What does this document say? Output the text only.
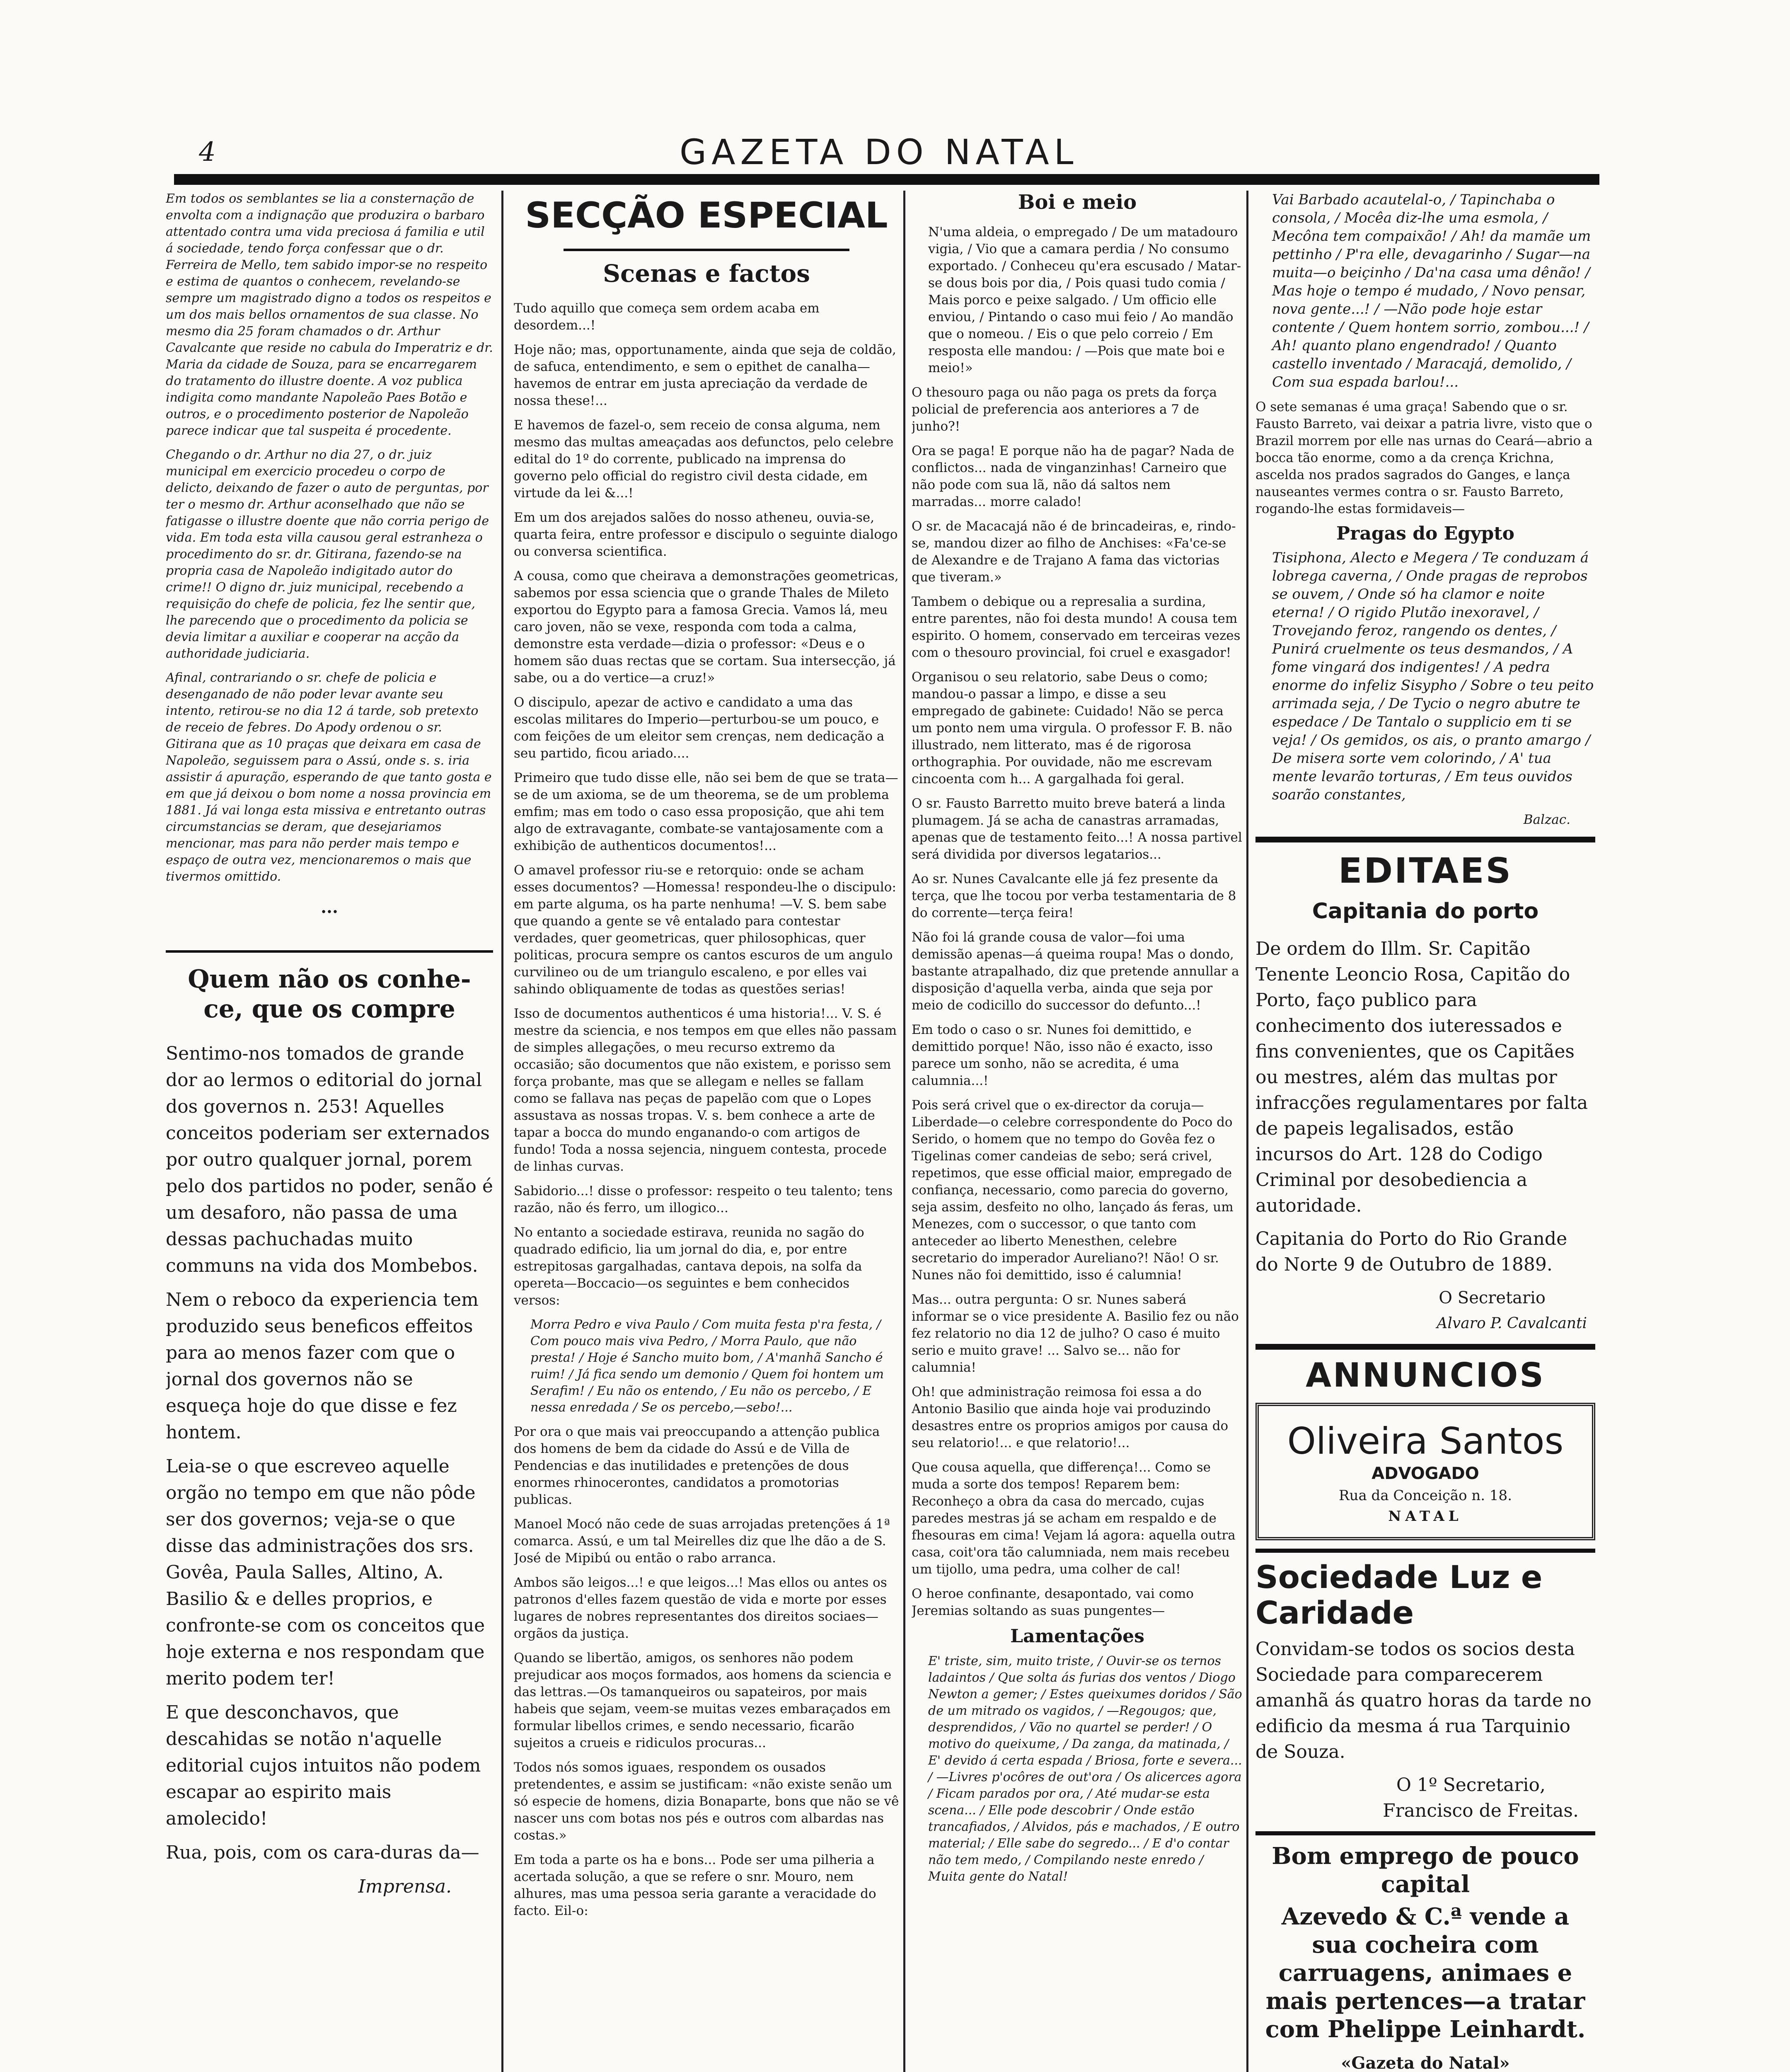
4	GAZETA DO NATAL

Em todos os semblantes se lia a consternação de envolta com a indignação que produzira o barbaro attentado contra uma vida preciosa á familia e util á sociedade, tendo força confessar que o dr. Ferreira de Mello, tem sabido impor-se no respeito e estima de quantos o conhecem, revelando-se sempre um magistrado digno a todos os respeitos e um dos mais bellos ornamentos de sua classe. No mesmo dia 25 foram chamados o dr. Arthur Cavalcante que reside no cabula do Imperatriz e dr. Maria da cidade de Souza, para se encarregarem do tratamento do illustre doente. A voz publica indigita como mandante Napoleão Paes Botão e outros, e o procedimento posterior de Napoleão parece indicar que tal suspeita é procedente.

Chegando o dr. Arthur no dia 27, o dr. juiz municipal em exercicio procedeu o corpo de delicto, deixando de fazer o auto de perguntas, por ter o mesmo dr. Arthur aconselhado que não se fatigasse o illustre doente que não corria perigo de vida. Em toda esta villa causou geral estranheza o procedimento do sr. dr. Gitirana, fazendo-se na propria casa de Napoleão indigitado autor do crime!! O digno dr. juiz municipal, recebendo a requisição do chefe de policia, fez lhe sentir que, lhe parecendo que o procedimento da policia se devia limitar a auxiliar e cooperar na acção da authoridade judiciaria.

Afinal, contrariando o sr. chefe de policia e desenganado de não poder levar avante seu intento, retirou-se no dia 12 á tarde, sob pretexto de receio de febres. Do Apody ordenou o sr. Gitirana que as 10 praças que deixara em casa de Napoleão, seguissem para o Assú, onde s. s. iria assistir á apuração, esperando de que tanto gosta e em que já deixou o bom nome a nossa provincia em 1881. Já vai longa esta missiva e entretanto outras circumstancias se deram, que desejariamos mencionar, mas para não perder mais tempo e espaço de outra vez, mencionaremos o mais que tivermos omittido.

...
Quem não os conhe- ce, que os compre

Sentimo-nos tomados de grande dor ao lermos o editorial do jornal dos governos n. 253! Aquelles conceitos poderiam ser externados por outro qualquer jornal, porem pelo dos partidos no poder, senão é um desaforo, não passa de uma dessas pachuchadas muito communs na vida dos Mombebos.

Nem o reboco da experiencia tem produzido seus beneficos effeitos para ao menos fazer com que o jornal dos governos não se esqueça hoje do que disse e fez hontem.

Leia-se o que escreveo aquelle orgão no tempo em que não pôde ser dos governos; veja-se o que disse das administrações dos srs. Govêa, Paula Salles, Altino, A. Basilio & e delles proprios, e confronte-se com os conceitos que hoje externa e nos respondam que merito podem ter!

E que desconchavos, que descahidas se notão n'aquelle editorial cujos intuitos não podem escapar ao espirito mais amolecido!

Rua, pois, com os cara-duras da—

Imprensa.

SECÇÃO ESPECIAL
Scenas e factos

Tudo aquillo que começa sem ordem acaba em desordem...!

Hoje não; mas, opportunamente, ainda que seja de coldão, de safuca, entendimento, e sem o epithet de canalha—havemos de entrar em justa apreciação da verdade de nossa these!...

E havemos de fazel-o, sem receio de consa alguma, nem mesmo das multas ameaçadas aos defunctos, pelo celebre edital do 1º do corrente, publicado na imprensa do governo pelo official do registro civil desta cidade, em virtude da lei &...!

Em um dos arejados salões do nosso atheneu, ouvia-se, quarta feira, entre professor e discipulo o seguinte dialogo ou conversa scientifica.

A cousa, como que cheirava a demonstrações geometricas, sabemos por essa sciencia que o grande Thales de Mileto exportou do Egypto para a famosa Grecia. Vamos lá, meu caro joven, não se vexe, responda com toda a calma, demonstre esta verdade—dizia o professor: «Deus e o homem são duas rectas que se cortam. Sua intersecção, já sabe, ou a do vertice—a cruz!»

O discipulo, apezar de activo e candidato a uma das escolas militares do Imperio—perturbou-se um pouco, e com feições de um eleitor sem crenças, nem dedicação a seu partido, ficou ariado....

Primeiro que tudo disse elle, não sei bem de que se trata—se de um axioma, se de um theorema, se de um problema emfim; mas em todo o caso essa proposição, que ahi tem algo de extravagante, combate-se vantajosamente com a exhibição de authenticos documentos!...

O amavel professor riu-se e retorquio: onde se acham esses documentos? —Homessa! respondeu-lhe o discipulo: em parte alguma, os ha parte nenhuma! —V. S. bem sabe que quando a gente se vê entalado para contestar verdades, quer geometricas, quer philosophicas, quer politicas, procura sempre os cantos escuros de um angulo curvilineo ou de um triangulo escaleno, e por elles vai sahindo obliquamente de todas as questões serias!

Isso de documentos authenticos é uma historia!... V. S. é mestre da sciencia, e nos tempos em que elles não passam de simples allegações, o meu recurso extremo da occasião; são documentos que não existem, e porisso sem força probante, mas que se allegam e nelles se fallam como se fallava nas peças de papelão com que o Lopes assustava as nossas tropas. V. s. bem conhece a arte de tapar a bocca do mundo enganando-o com artigos de fundo! Toda a nossa sejencia, ninguem contesta, procede de linhas curvas.

Sabidorio...! disse o professor: respeito o teu talento; tens razão, não és ferro, um illogico...

No entanto a sociedade estirava, reunida no sagão do quadrado edificio, lia um jornal do dia, e, por entre estrepitosas gargalhadas, cantava depois, na solfa da opereta—Boccacio—os seguintes e bem conhecidos versos:

Morra Pedro e viva Paulo / Com muita festa p'ra festa, / Com pouco mais viva Pedro, / Morra Paulo, que não presta! / Hoje é Sancho muito bom, / A'manhã Sancho é ruim! / Já fica sendo um demonio / Quem foi hontem um Serafim! / Eu não os entendo, / Eu não os percebo, / E nessa enredada / Se os percebo,—sebo!...

Por ora o que mais vai preoccupando a attenção publica dos homens de bem da cidade do Assú e de Villa de Pendencias e das inutilidades e pretenções de dous enormes rhinocerontes, candidatos a promotorias publicas.

Manoel Mocó não cede de suas arrojadas pretenções á 1ª comarca. Assú, e um tal Meirelles diz que lhe dão a de S. José de Mipibú ou então o rabo arranca.

Ambos são leigos...! e que leigos...! Mas ellos ou antes os patronos d'elles fazem questão de vida e morte por esses lugares de nobres representantes dos direitos sociaes—orgãos da justiça.

Quando se libertão, amigos, os senhores não podem prejudicar aos moços formados, aos homens da sciencia e das lettras.—Os tamanqueiros ou sapateiros, por mais habeis que sejam, veem-se muitas vezes embaraçados em formular libellos crimes, e sendo necessario, ficarão sujeitos a crueis e ridiculos procuras...

Todos nós somos iguaes, respondem os ousados pretendentes, e assim se justificam: «não existe senão um só especie de homens, dizia Bonaparte, bons que não se vê nascer uns com botas nos pés e outros com albardas nas costas.»

Em toda a parte os ha e bons... Pode ser uma pilheria a acertada solução, a que se refere o snr. Mouro, nem alhures, mas uma pessoa seria garante a veracidade do facto. Eil-o:

Boi e meio

N'uma aldeia, o empregado / De um matadouro vigia, / Vio que a camara perdia / No consumo exportado. / Conheceu qu'era escusado / Matar-se dous bois por dia, / Pois quasi tudo comia / Mais porco e peixe salgado. / Um officio elle enviou, / Pintando o caso mui feio / Ao mandão que o nomeou. / Eis o que pelo correio / Em resposta elle mandou: / —Pois que mate boi e meio!»

O thesouro paga ou não paga os prets da força policial de preferencia aos anteriores a 7 de junho?!

Ora se paga! E porque não ha de pagar? Nada de conflictos... nada de vinganzinhas! Carneiro que não pode com sua lã, não dá saltos nem marradas... morre calado!

O sr. de Macacajá não é de brincadeiras, e, rindo-se, mandou dizer ao filho de Anchises: «Fa'ce-se de Alexandre e de Trajano A fama das victorias que tiveram.»

Tambem o debique ou a represalia a surdina, entre parentes, não foi desta mundo! A cousa tem espirito. O homem, conservado em terceiras vezes com o thesouro provincial, foi cruel e exasgador!

Organisou o seu relatorio, sabe Deus o como; mandou-o passar a limpo, e disse a seu empregado de gabinete: Cuidado! Não se perca um ponto nem uma virgula. O professor F. B. não illustrado, nem litterato, mas é de rigorosa orthographia. Por ouvidade, não me escrevam cincoenta com h... A gargalhada foi geral.

O sr. Fausto Barretto muito breve baterá a linda plumagem. Já se acha de canastras arramadas, apenas que de testamento feito...! A nossa partivel será dividida por diversos legatarios...

Ao sr. Nunes Cavalcante elle já fez presente da terça, que lhe tocou por verba testamentaria de 8 do corrente—terça feira!

Não foi lá grande cousa de valor—foi uma demissão apenas—á queima roupa! Mas o dondo, bastante atrapalhado, diz que pretende annullar a disposição d'aquella verba, ainda que seja por meio de codicillo do successor do defunto...!

Em todo o caso o sr. Nunes foi demittido, e demittido porque! Não, isso não é exacto, isso parece um sonho, não se acredita, é uma calumnia...!

Pois será crivel que o ex-director da coruja—Liberdade—o celebre correspondente do Poco do Serido, o homem que no tempo do Govêa fez o Tigelinas comer candeias de sebo; será crivel, repetimos, que esse official maior, empregado de confiança, necessario, como parecia do governo, seja assim, desfeito no olho, lançado ás feras, um Menezes, com o successor, o que tanto com anteceder ao liberto Menesthen, celebre secretario do imperador Aureliano?! Não! O sr. Nunes não foi demittido, isso é calumnia!

Mas... outra pergunta: O sr. Nunes saberá informar se o vice presidente A. Basilio fez ou não fez relatorio no dia 12 de julho? O caso é muito serio e muito grave! ... Salvo se... não for calumnia!

Oh! que administração reimosa foi essa a do Antonio Basilio que ainda hoje vai produzindo desastres entre os proprios amigos por causa do seu relatorio!... e que relatorio!...

Que cousa aquella, que differença!... Como se muda a sorte dos tempos! Reparem bem: Reconheço a obra da casa do mercado, cujas paredes mestras já se acham em respaldo e de fhesouras em cima! Vejam lá agora: aquella outra casa, coit'ora tão calumniada, nem mais recebeu um tijollo, uma pedra, uma colher de cal!

O heroe confinante, desapontado, vai como Jeremias soltando as suas pungentes—

Lamentações

E' triste, sim, muito triste, / Ouvir-se os ternos ladaintos / Que solta ás furias dos ventos / Diogo Newton a gemer; / Estes queixumes doridos / São de um mitrado os vagidos, / —Regougos; que, desprendidos, / Vão no quartel se perder! / O motivo do queixume, / Da zanga, da matinada, / E' devido á certa espada / Briosa, forte e severa... / —Livres p'ocôres de out'ora / Os alicerces agora / Ficam parados por ora, / Até mudar-se esta scena... / Elle pode descobrir / Onde estão trancafiados, / Alvidos, pás e machados, / E outro material; / Elle sabe do segredo... / E d'o contar não tem medo, / Compilando neste enredo / Muita gente do Natal!

Vai Barbado acautelal-o, / Tapinchaba o consola, / Mocêa diz-lhe uma esmola, / Mecôna tem compaixão! / Ah! da mamãe um pettinho / P'ra elle, devagarinho / Sugar—na muita—o beiçinho / Da'na casa uma dênão! / Mas hoje o tempo é mudado, / Novo pensar, nova gente...! / —Não pode hoje estar contente / Quem hontem sorrio, zombou...! / Ah! quanto plano engendrado! / Quanto castello inventado / Maracajá, demolido, / Com sua espada barlou!...

O sete semanas é uma graça! Sabendo que o sr. Fausto Barreto, vai deixar a patria livre, visto que o Brazil morrem por elle nas urnas do Ceará—abrio a bocca tão enorme, como a da crença Krichna, ascelda nos prados sagrados do Ganges, e lança nauseantes vermes contra o sr. Fausto Barreto, rogando-lhe estas formidaveis—

Pragas do Egypto

Tisiphona, Alecto e Megera / Te conduzam á lobrega caverna, / Onde pragas de reprobos se ouvem, / Onde só ha clamor e noite eterna! / O rigido Plutão inexoravel, / Trovejando feroz, rangendo os dentes, / Punirá cruelmente os teus desmandos, / A fome vingará dos indigentes! / A pedra enorme do infeliz Sisypho / Sobre o teu peito arrimada seja, / De Tycio o negro abutre te espedace / De Tantalo o supplicio em ti se veja! / Os gemidos, os ais, o pranto amargo / De misera sorte vem colorindo, / A' tua mente levarão torturas, / Em teus ouvidos soarão constantes,

Balzac.

EDITAES
Capitania do porto

De ordem do Illm. Sr. Capitão Tenente Leoncio Rosa, Capitão do Porto, faço publico para conhecimento dos iuteressados e fins convenientes, que os Capitães ou mestres, além das multas por infracções regulamentares por falta de papeis legalisados, estão incursos do Art. 128 do Codigo Criminal por desobediencia a autoridade.

Capitania do Porto do Rio Grande do Norte 9 de Outubro de 1889.

O Secretario

Alvaro P. Cavalcanti

ANNUNCIOS
Oliveira Santos
ADVOGADO
Rua da Conceição n. 18.
NATAL
Sociedade Luz e Caridade

Convidam-se todos os socios desta Sociedade para comparecerem amanhã ás quatro horas da tarde no edificio da mesma á rua Tarquinio de Souza.

O 1º Secretario,

Francisco de Freitas.

Bom emprego de pouco capital
Azevedo & C.ª vende a sua cocheira com carruagens, animaes e mais pertences—a tratar com Phelippe Leinhardt.
«Gazeta do Natal»
